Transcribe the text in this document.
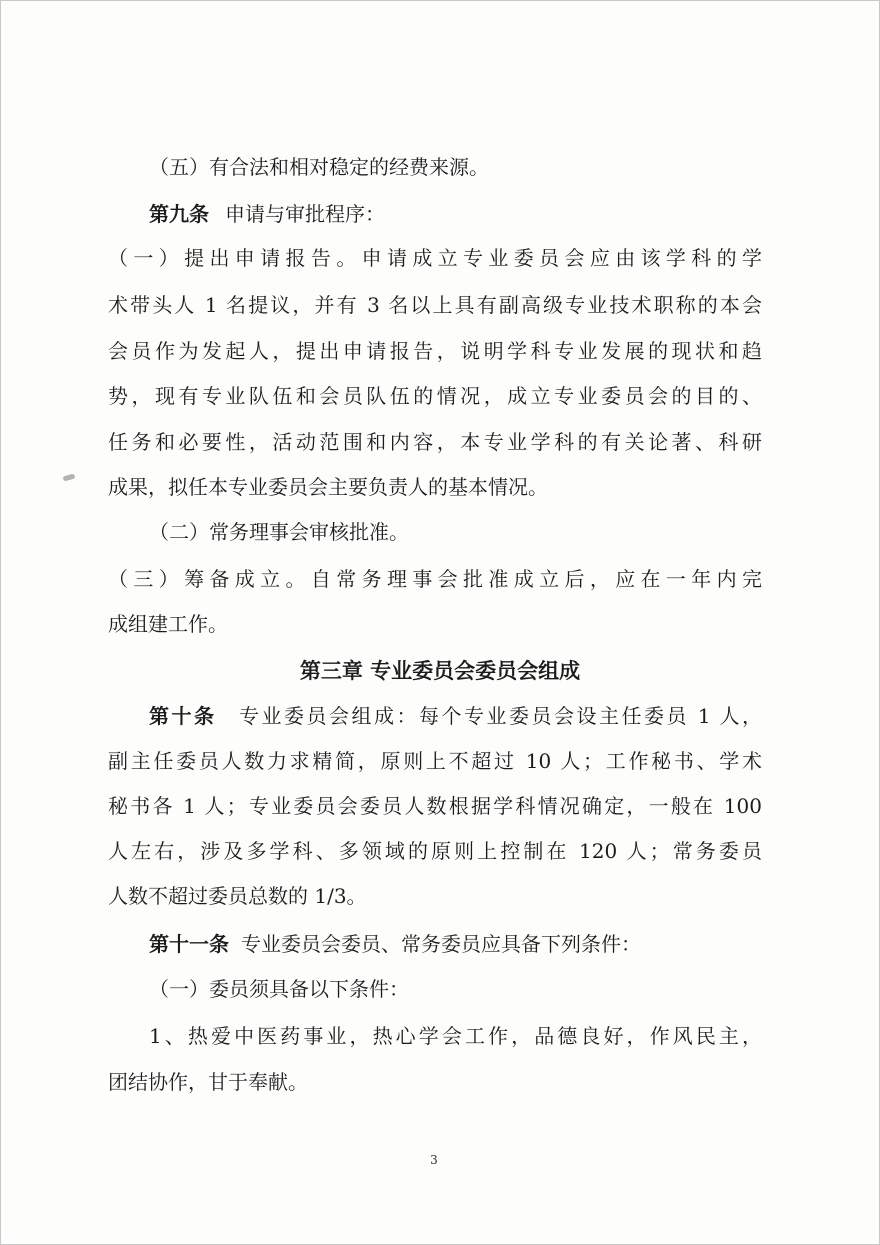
（五）有合法和相对稳定的经费来源。
第九条 申请与审批程序：
（一）提出申请报告。申请成立专业委员会应由该学科的学
术带头人 1 名提议，并有 3 名以上具有副高级专业技术职称的本会
会员作为发起人，提出申请报告，说明学科专业发展的现状和趋
势，现有专业队伍和会员队伍的情况，成立专业委员会的目的、
任务和必要性，活动范围和内容，本专业学科的有关论著、科研
成果，拟任本专业委员会主要负责人的基本情况。
（二）常务理事会审核批准。
（三）筹备成立。自常务理事会批准成立后，应在一年内完
成组建工作。
第三章 专业委员会委员会组成
第十条 专业委员会组成：每个专业委员会设主任委员 1 人，
副主任委员人数力求精简，原则上不超过 10 人；工作秘书、学术
秘书各 1 人；专业委员会委员人数根据学科情况确定，一般在 100
人左右，涉及多学科、多领域的原则上控制在 120 人；常务委员
人数不超过委员总数的 1/3。
第十一条 专业委员会委员、常务委员应具备下列条件：
（一）委员须具备以下条件：
1、热爱中医药事业，热心学会工作，品德良好，作风民主，
团结协作，甘于奉献。
3
